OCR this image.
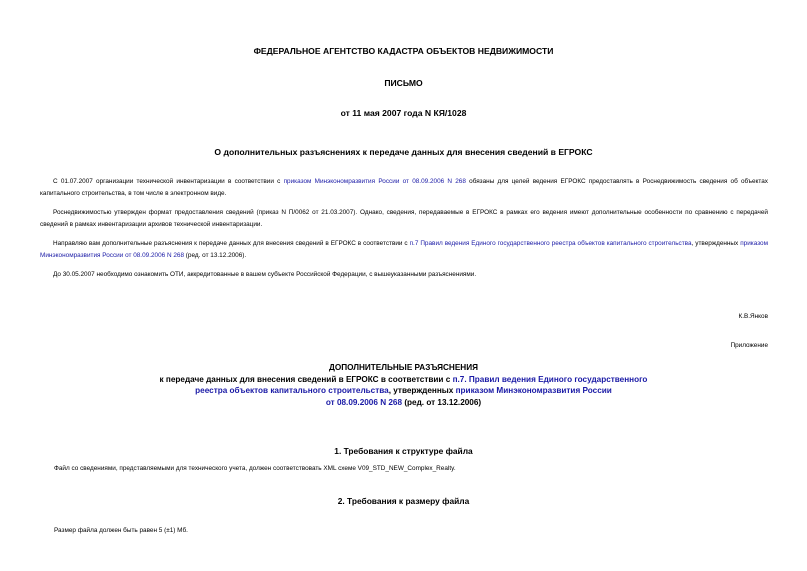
ФЕДЕРАЛЬНОЕ АГЕНТСТВО КАДАСТРА ОБЪЕКТОВ НЕДВИЖИМОСТИ
ПИСЬМО
от 11 мая 2007 года N КЯ/1028
О дополнительных разъяснениях к передаче данных для внесения сведений в ЕГРОКС
С 01.07.2007 организации технической инвентаризации в соответствии с приказом Минэкономразвития России от 08.09.2006 N 268 обязаны для целей ведения ЕГРОКС предоставлять в Роснедвижимость сведения об объектах капитального строительства, в том числе в электронном виде.
Роснедвижимостью утвержден формат предоставления сведений (приказ N П/0062 от 21.03.2007). Однако, сведения, передаваемые в ЕГРОКС в рамках его ведения имеют дополнительные особенности по сравнению с передачей сведений в рамках инвентаризации архивов технической инвентаризации.
Направляю вам дополнительные разъяснения к передаче данных для внесения сведений в ЕГРОКС в соответствии с п.7 Правил ведения Единого государственного реестра объектов капитального строительства, утвержденных приказом Минэкономразвития России от 08.09.2006 N 268 (ред. от 13.12.2006).
До 30.05.2007 необходимо ознакомить ОТИ, аккредитованные в вашем субъекте Российской Федерации, с вышеуказанными разъяснениями.
К.В.Янков
Приложение
ДОПОЛНИТЕЛЬНЫЕ РАЗЪЯСНЕНИЯ
к передаче данных для внесения сведений в ЕГРОКС в соответствии с п.7. Правил ведения Единого государственного
реестра объектов капитального строительства, утвержденных приказом Минэкономразвития России
от 08.09.2006 N 268 (ред. от 13.12.2006)
1. Требования к структуре файла
Файл со сведениями, представляемыми для технического учета, должен соответствовать XML схеме V09_STD_NEW_Complex_Realty.
2. Требования к размеру файла
Размер файла должен быть равен 5 (±1) Мб.
